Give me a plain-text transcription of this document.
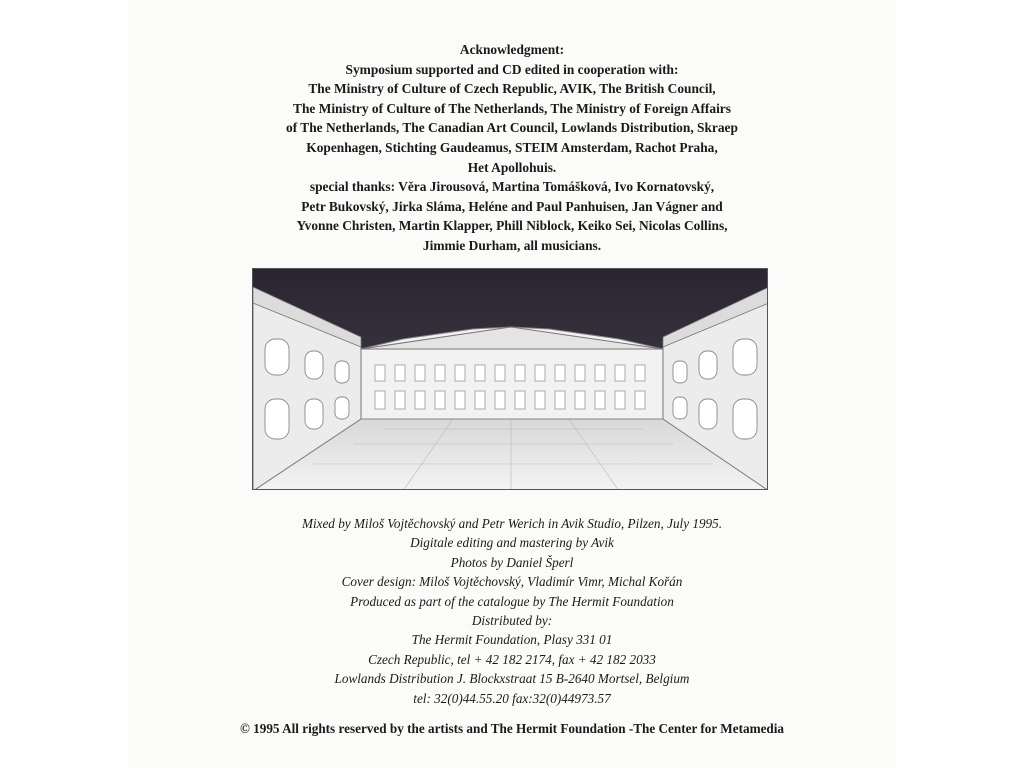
Acknowledgment:
Symposium supported and CD edited in cooperation with:
The Ministry of Culture of Czech Republic, AVIK, The British Council,
The Ministry of Culture of The Netherlands, The Ministry of Foreign Affairs
of The Netherlands, The Canadian Art Council, Lowlands Distribution, Skraep
Kopenhagen, Stichting Gaudeamus, STEIM Amsterdam, Rachot Praha,
Het Apollohuis.
special thanks: Věra Jirousová, Martina Tomášková, Ivo Kornatovský,
Petr Bukovský, Jirka Sláma, Heléne and Paul Panhuisen, Jan Vágner and
Yvonne Christen, Martin Klapper, Phill Niblock, Keiko Sei, Nicolas Collins,
Jimmie Durham, all musicians.
Mixed by Miloš Vojtěchovský and Petr Werich in Avik Studio, Pilzen, July 1995.
Digitale editing and mastering by Avik
Photos by Daniel Šperl
Cover design: Miloš Vojtěchovský, Vladimír Vimr, Michal Kořán
Produced as part of the catalogue by The Hermit Foundation
Distributed by:
The Hermit Foundation, Plasy 331 01
Czech Republic, tel + 42 182 2174, fax + 42 182 2033
Lowlands Distribution J. Blockxstraat 15 B-2640 Mortsel, Belgium
tel: 32(0)44.55.20 fax:32(0)44973.57
© 1995 All rights reserved by the artists and The Hermit Foundation -The Center for Metamedia
